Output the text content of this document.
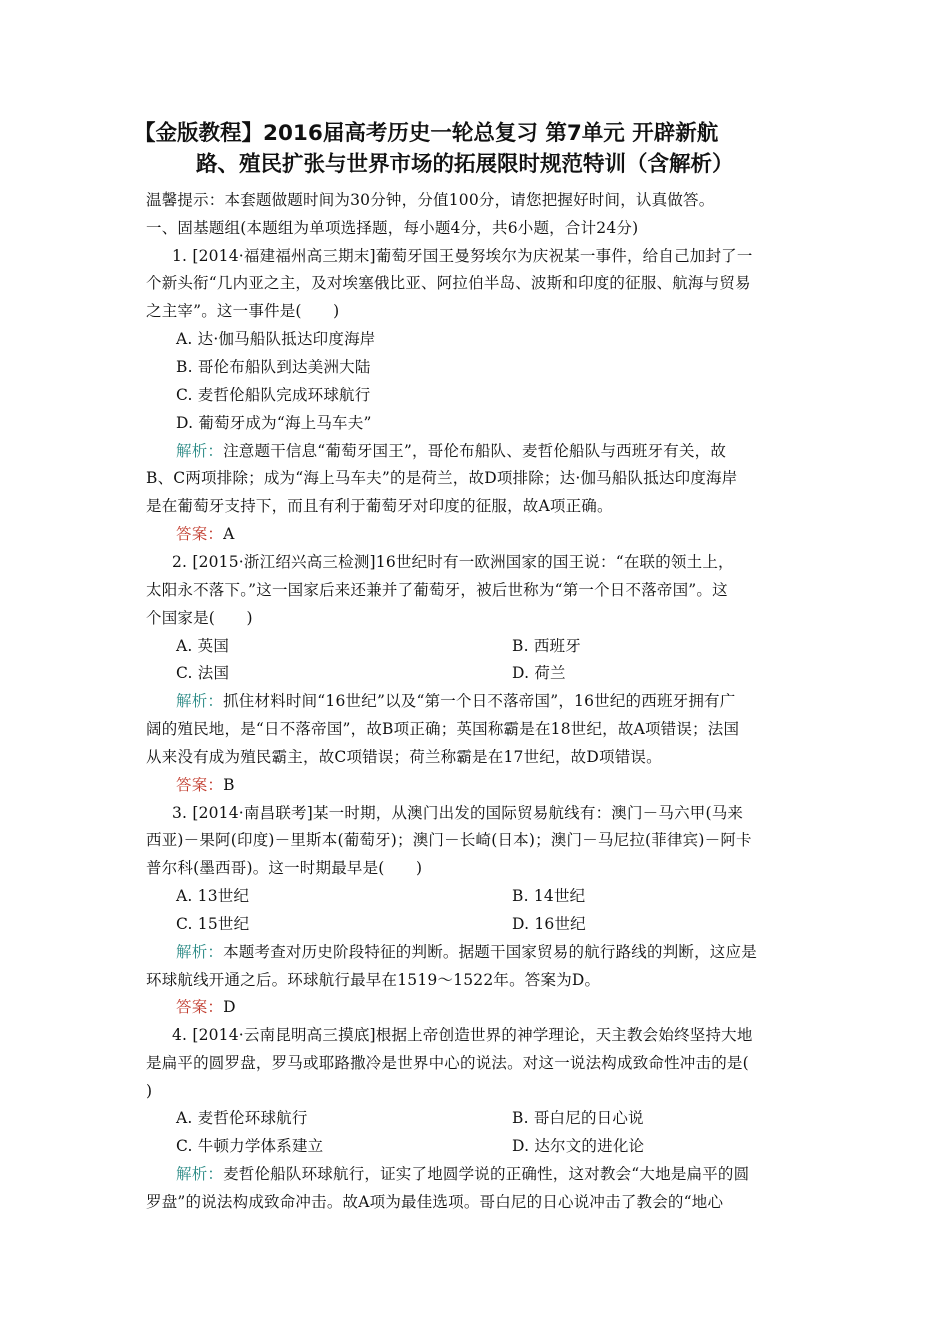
【金版教程】2016届高考历史一轮总复习 第7单元 开辟新航
路、殖民扩张与世界市场的拓展限时规范特训（含解析）
温馨提示：本套题做题时间为30分钟，分值100分，请您把握好时间，认真做答。
一、固基题组(本题组为单项选择题，每小题4分，共6小题，合计24分)
1. [2014·福建福州高三期末]葡萄牙国王曼努埃尔为庆祝某一事件，给自己加封了一
个新头衔“几内亚之主，及对埃塞俄比亚、阿拉伯半岛、波斯和印度的征服、航海与贸易
之主宰”。这一事件是(　　)
A. 达·伽马船队抵达印度海岸
B. 哥伦布船队到达美洲大陆
C. 麦哲伦船队完成环球航行
D. 葡萄牙成为“海上马车夫”
解析：注意题干信息“葡萄牙国王”，哥伦布船队、麦哲伦船队与西班牙有关，故
B、C两项排除；成为“海上马车夫”的是荷兰，故D项排除；达·伽马船队抵达印度海岸
是在葡萄牙支持下，而且有利于葡萄牙对印度的征服，故A项正确。
答案：A
2. [2015·浙江绍兴高三检测]16世纪时有一欧洲国家的国王说：“在联的领土上，
太阳永不落下。”这一国家后来还兼并了葡萄牙，被后世称为“第一个日不落帝国”。这
个国家是(　　)
A. 英国	B. 西班牙
C. 法国	D. 荷兰
解析：抓住材料时间“16世纪”以及“第一个日不落帝国”，16世纪的西班牙拥有广
阔的殖民地，是“日不落帝国”，故B项正确；英国称霸是在18世纪，故A项错误；法国
从来没有成为殖民霸主，故C项错误；荷兰称霸是在17世纪，故D项错误。
答案：B
3. [2014·南昌联考]某一时期，从澳门出发的国际贸易航线有：澳门－马六甲(马来
西亚)－果阿(印度)－里斯本(葡萄牙)；澳门－长崎(日本)；澳门－马尼拉(菲律宾)－阿卡
普尔科(墨西哥)。这一时期最早是(　　)
A. 13世纪	B. 14世纪
C. 15世纪	D. 16世纪
解析：本题考查对历史阶段特征的判断。据题干国家贸易的航行路线的判断，这应是
环球航线开通之后。环球航行最早在1519～1522年。答案为D。
答案：D
4. [2014·云南昆明高三摸底]根据上帝创造世界的神学理论，天主教会始终坚持大地
是扁平的圆罗盘，罗马或耶路撒冷是世界中心的说法。对这一说法构成致命性冲击的是(
)
A. 麦哲伦环球航行	B. 哥白尼的日心说
C. 牛顿力学体系建立	D. 达尔文的进化论
解析：麦哲伦船队环球航行，证实了地圆学说的正确性，这对教会“大地是扁平的圆
罗盘”的说法构成致命冲击。故A项为最佳选项。哥白尼的日心说冲击了教会的“地心
